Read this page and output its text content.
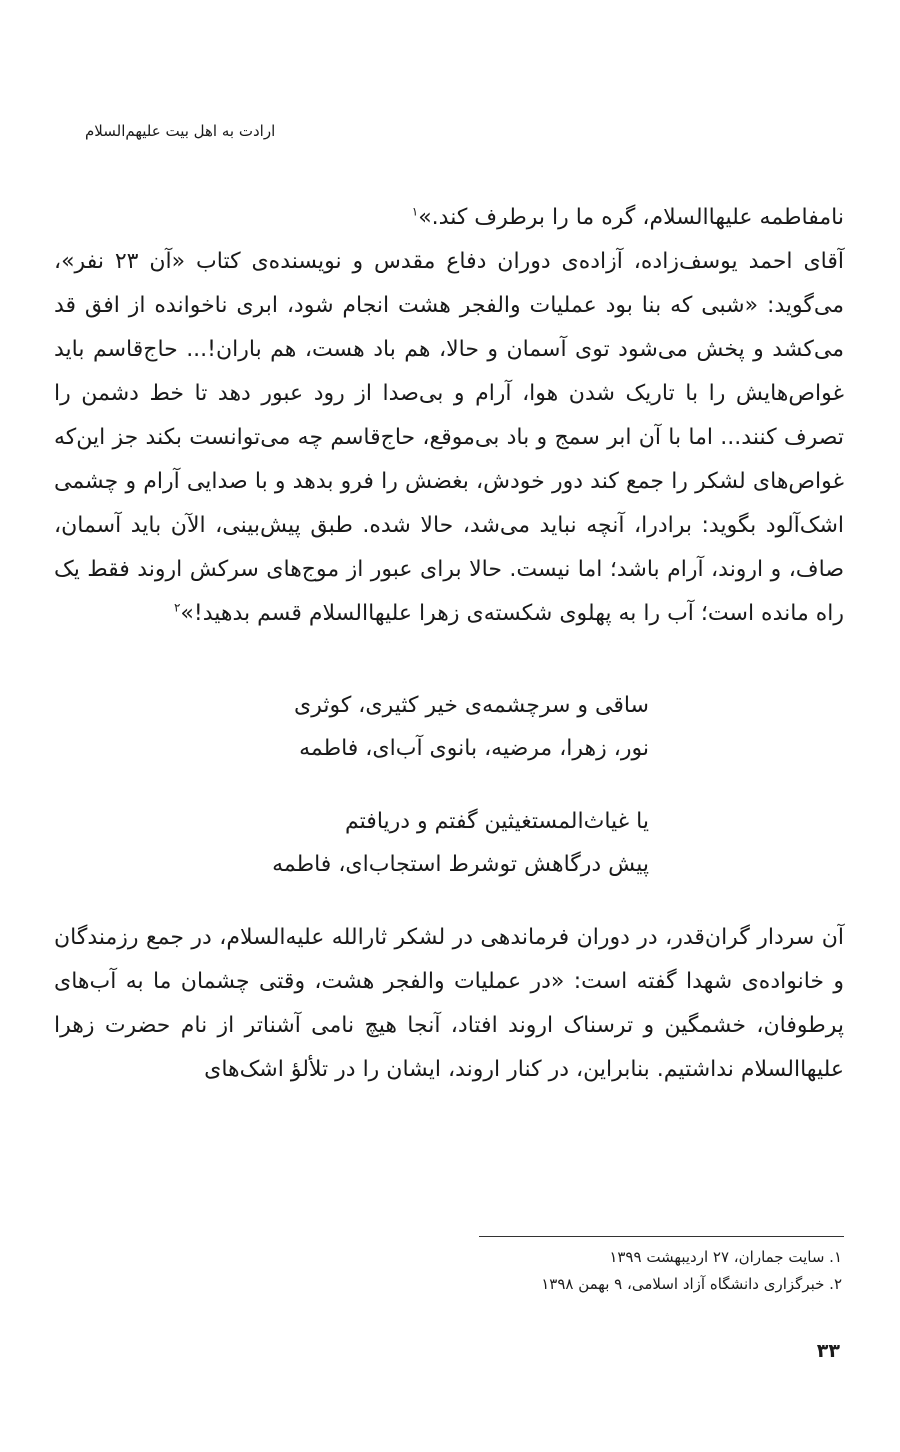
ارادت به اهل بیت علیهم‌السلام

نامفاطمه علیهاالسلام، گره ما را برطرف کند.»$^۱$

آقای احمد یوسف‌زاده، آزاده‌ی دوران دفاع مقدس و نویسنده‌ی کتاب «آن ۲۳ نفر»، می‌گوید: «شبی که بنا بود عملیات والفجر هشت انجام شود، ابری ناخوانده از افق قد می‌کشد و پخش می‌شود توی آسمان و حالا، هم باد هست، هم باران!... حاج‌قاسم باید غواص‌هایش را با تاریک شدن هوا، آرام و بی‌صدا از رود عبور دهد تا خط دشمن را تصرف کنند... اما با آن ابر سمج و باد بی‌موقع، حاج‌قاسم چه می‌توانست بکند جز این‌که غواص‌های لشکر را جمع کند دور خودش، بغضش را فرو بدهد و با صدایی آرام و چشمی اشک‌آلود بگوید: برادرا، آنچه نباید می‌شد، حالا شده. طبق پیش‌بینی، الآن باید آسمان، صاف، و اروند، آرام باشد؛ اما نیست. حالا برای عبور از موج‌های سرکش اروند فقط یک راه مانده است؛ آب را به پهلوی شکسته‌ی زهرا علیهاالسلام قسم بدهید!»$^۲$

ساقی و سرچشمه‌ی خیر کثیری، کوثری
نور، زهرا، مرضیه، بانوی آب‌ای، فاطمه
یا غیاث‌المستغیثین گفتم و دریافتم
پیش درگاهش توشرط استجاب‌ای، فاطمه

آن سردار گران‌قدر، در دوران فرماندهی در لشکر ثارالله علیه‌السلام، در جمع رزمندگان و خانواده‌ی شهدا گفته است: «در عملیات والفجر هشت، وقتی چشمان ما به آب‌های پرطوفان، خشمگین و ترسناک اروند افتاد، آنجا هیچ نامی آشناتر از نام حضرت زهرا علیهاالسلام نداشتیم. بنابراین، در کنار اروند، ایشان را در تلألؤ اشک‌های

۱. سایت جماران، ۲۷ اردیبهشت ۱۳۹۹
۲. خبرگزاری دانشگاه آزاد اسلامی، ۹ بهمن ۱۳۹۸
۳۳
